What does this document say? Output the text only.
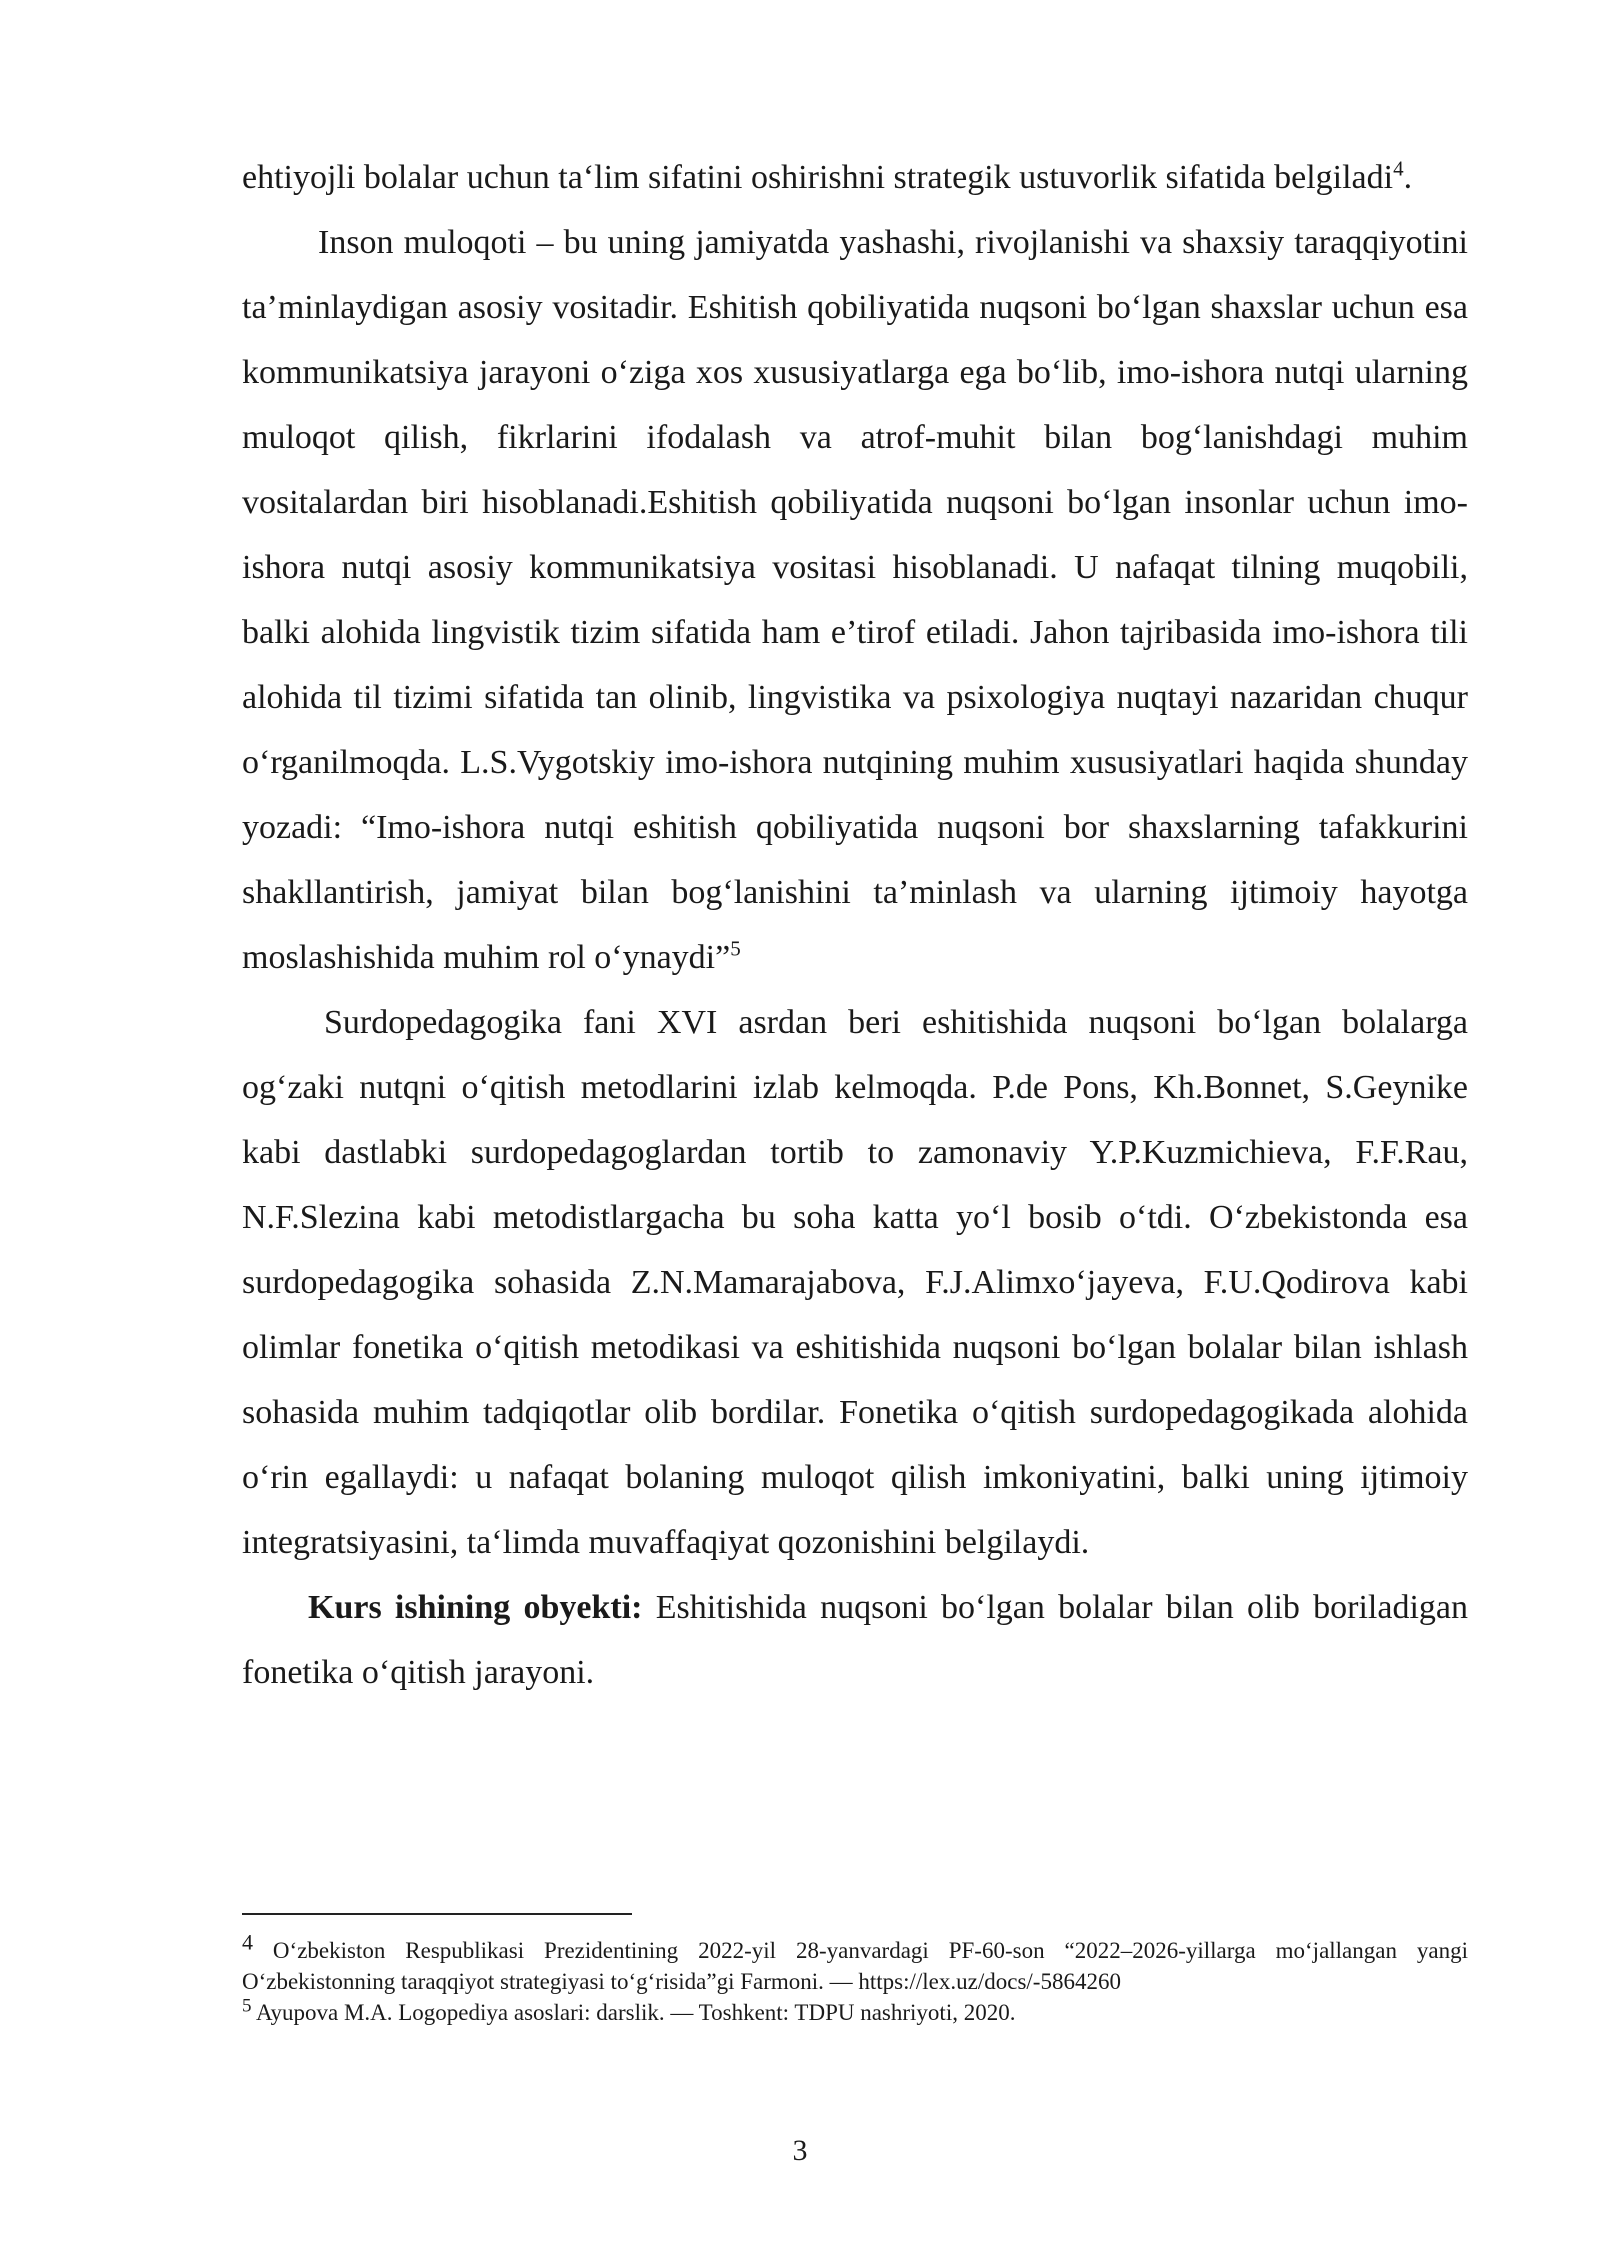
ehtiyojli bolalar uchun ta‘lim sifatini oshirishni strategik ustuvorlik sifatida belgiladi$^4$.

Inson muloqoti – bu uning jamiyatda yashashi, rivojlanishi va shaxsiy taraqqiyotini ta’minlaydigan asosiy vositadir. Eshitish qobiliyatida nuqsoni bo‘lgan shaxslar uchun esa kommunikatsiya jarayoni o‘ziga xos xususiyatlarga ega bo‘lib, imo-ishora nutqi ularning muloqot qilish, fikrlarini ifodalash va atrof-muhit bilan bog‘lanishdagi muhim vositalardan biri hisoblanadi.Eshitish qobiliyatida nuqsoni bo‘lgan insonlar uchun imo-ishora nutqi asosiy kommunikatsiya vositasi hisoblanadi. U nafaqat tilning muqobili, balki alohida lingvistik tizim sifatida ham e’tirof etiladi. Jahon tajribasida imo-ishora tili alohida til tizimi sifatida tan olinib, lingvistika va psixologiya nuqtayi nazaridan chuqur o‘rganilmoqda. L.S.Vygotskiy imo-ishora nutqining muhim xususiyatlari haqida shunday yozadi: “Imo-ishora nutqi eshitish qobiliyatida nuqsoni bor shaxslarning tafakkurini shakllantirish, jamiyat bilan bog‘lanishini ta’minlash va ularning ijtimoiy hayotga moslashishida muhim rol o‘ynaydi”$^5$

Surdopedagogika fani XVI asrdan beri eshitishida nuqsoni bo‘lgan bolalarga og‘zaki nutqni o‘qitish metodlarini izlab kelmoqda. P.de Pons, Kh.Bonnet, S.Geynike kabi dastlabki surdopedagoglardan tortib to zamonaviy Y.P.Kuzmichieva, F.F.Rau, N.F.Slezina kabi metodistlargacha bu soha katta yo‘l bosib o‘tdi. O‘zbekistonda esa surdopedagogika sohasida Z.N.Mamarajabova, F.J.Alimxo‘jayeva, F.U.Qodirova kabi olimlar fonetika o‘qitish metodikasi va eshitishida nuqsoni bo‘lgan bolalar bilan ishlash sohasida muhim tadqiqotlar olib bordilar. Fonetika o‘qitish surdopedagogikada alohida o‘rin egallaydi: u nafaqat bolaning muloqot qilish imkoniyatini, balki uning ijtimoiy integratsiyasini, ta‘limda muvaffaqiyat qozonishini belgilaydi.

Kurs ishining obyekti: Eshitishida nuqsoni bo‘lgan bolalar bilan olib boriladigan fonetika o‘qitish jarayoni.

$^4$ O‘zbekiston Respublikasi Prezidentining 2022-yil 28-yanvardagi PF-60-son “2022–2026-yillarga mo‘jallangan yangi O‘zbekistonning taraqqiyot strategiyasi to‘g‘risida”gi Farmoni. — https://lex.uz/docs/-5864260

$^5$ Ayupova M.A. Logopediya asoslari: darslik. — Toshkent: TDPU nashriyoti, 2020.

3
